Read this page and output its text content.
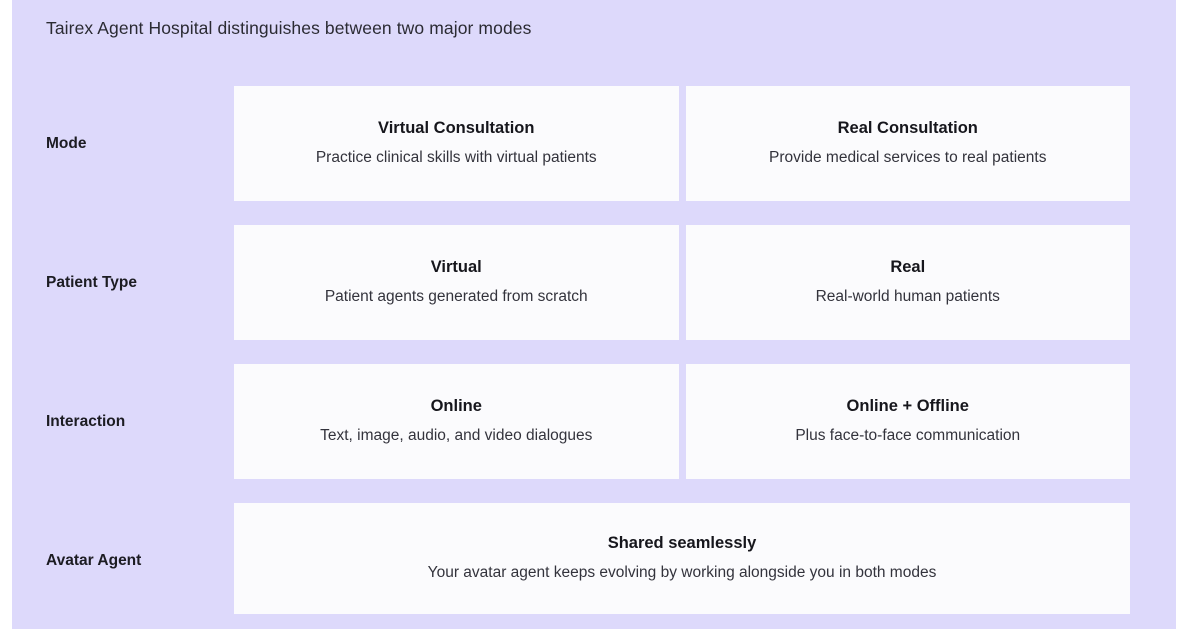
Tairex Agent Hospital distinguishes between two major modes
Mode
Virtual Consultation
Practice clinical skills with virtual patients
Real Consultation
Provide medical services to real patients
Patient Type
Virtual
Patient agents generated from scratch
Real
Real-world human patients
Interaction
Online
Text, image, audio, and video dialogues
Online + Offline
Plus face-to-face communication
Avatar Agent
Shared seamlessly
Your avatar agent keeps evolving by working alongside you in both modes
